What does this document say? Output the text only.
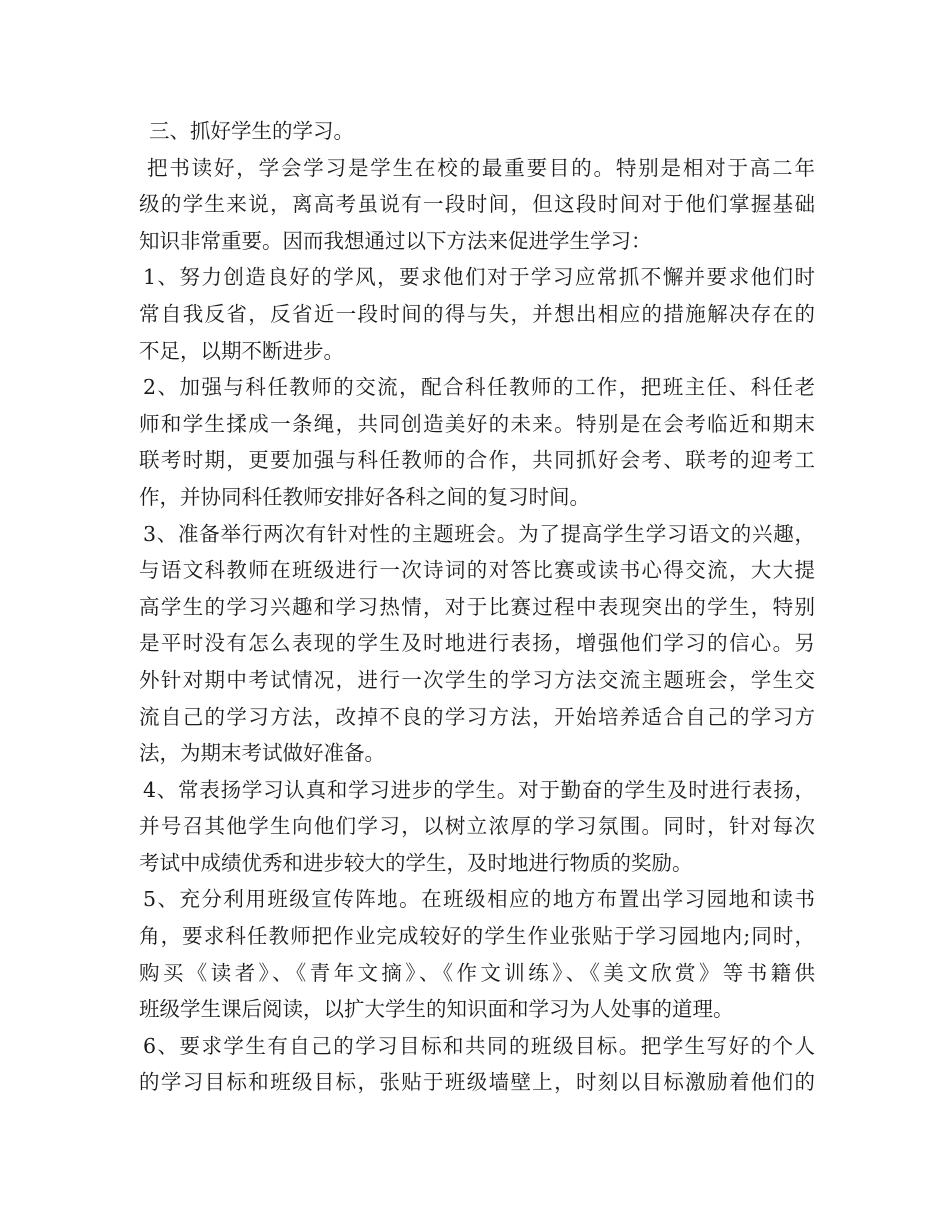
三、抓好学生的学习。
把书读好，学会学习是学生在校的最重要目的。特别是相对于高二年
级的学生来说，离高考虽说有一段时间，但这段时间对于他们掌握基础
知识非常重要。因而我想通过以下方法来促进学生学习：
1、努力创造良好的学风，要求他们对于学习应常抓不懈并要求他们时
常自我反省，反省近一段时间的得与失，并想出相应的措施解决存在的
不足，以期不断进步。
2、加强与科任教师的交流，配合科任教师的工作，把班主任、科任老
师和学生揉成一条绳，共同创造美好的未来。特别是在会考临近和期末
联考时期，更要加强与科任教师的合作，共同抓好会考、联考的迎考工
作，并协同科任教师安排好各科之间的复习时间。
3、准备举行两次有针对性的主题班会。为了提高学生学习语文的兴趣，
与语文科教师在班级进行一次诗词的对答比赛或读书心得交流，大大提
高学生的学习兴趣和学习热情，对于比赛过程中表现突出的学生，特别
是平时没有怎么表现的学生及时地进行表扬，增强他们学习的信心。另
外针对期中考试情况，进行一次学生的学习方法交流主题班会，学生交
流自己的学习方法，改掉不良的学习方法，开始培养适合自己的学习方
法，为期末考试做好准备。
4、常表扬学习认真和学习进步的学生。对于勤奋的学生及时进行表扬，
并号召其他学生向他们学习，以树立浓厚的学习氛围。同时，针对每次
考试中成绩优秀和进步较大的学生，及时地进行物质的奖励。
5、充分利用班级宣传阵地。在班级相应的地方布置出学习园地和读书
角，要求科任教师把作业完成较好的学生作业张贴于学习园地内;同时，
购买《读者》、《青年文摘》、《作文训练》、《美文欣赏》等书籍供
班级学生课后阅读，以扩大学生的知识面和学习为人处事的道理。
6、要求学生有自己的学习目标和共同的班级目标。把学生写好的个人
的学习目标和班级目标，张贴于班级墙壁上，时刻以目标激励着他们的
